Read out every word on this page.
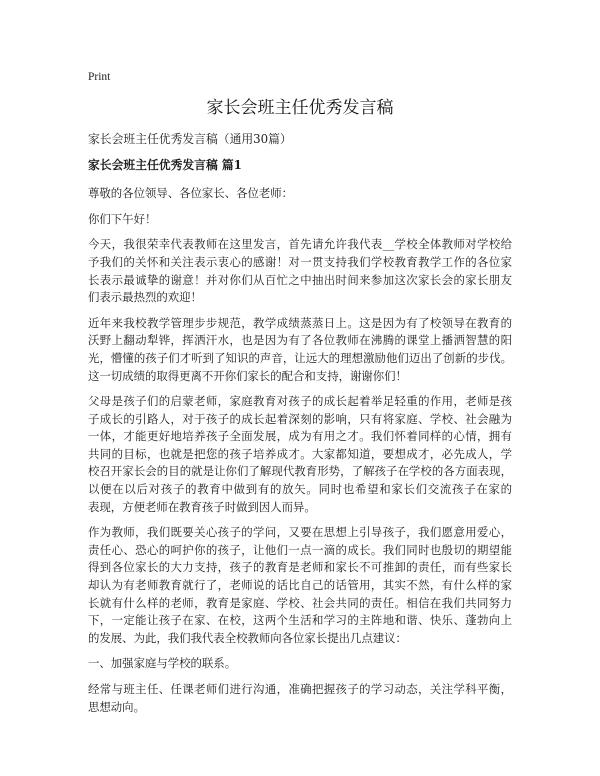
Print
家长会班主任优秀发言稿
家长会班主任优秀发言稿（通用30篇）
家长会班主任优秀发言稿 篇1
尊敬的各位领导、各位家长、各位老师：
你们下午好！
今天，我很荣幸代表教师在这里发言，首先请允许我代表__学校全体教师对学校给
予我们的关怀和关注表示衷心的感谢！对一贯支持我们学校教育教学工作的各位家
长表示最诚挚的谢意！并对你们从百忙之中抽出时间来参加这次家长会的家长朋友
们表示最热烈的欢迎！
近年来我校教学管理步步规范，教学成绩蒸蒸日上。这是因为有了校领导在教育的
沃野上翻动犁铧，挥洒汗水，也是因为有了各位教师在沸腾的课堂上播洒智慧的阳
光，懵懂的孩子们才听到了知识的声音，让远大的理想激励他们迈出了创新的步伐。
这一切成绩的取得更离不开你们家长的配合和支持，谢谢你们！
父母是孩子们的启蒙老师，家庭教育对孩子的成长起着举足轻重的作用，老师是孩
子成长的引路人，对于孩子的成长起着深刻的影响，只有将家庭、学校、社会融为
一体，才能更好地培养孩子全面发展，成为有用之才。我们怀着同样的心情，拥有
共同的目标，也就是把您的孩子培养成才。大家都知道，要想成才，必先成人，学
校召开家长会的目的就是让你们了解现代教育形势，了解孩子在学校的各方面表现，
以便在以后对孩子的教育中做到有的放矢。同时也希望和家长们交流孩子在家的
表现，方便老师在教育孩子时做到因人而异。
作为教师，我们既要关心孩子的学问，又要在思想上引导孩子，我们愿意用爱心，
责任心、恐心的呵护你的孩子，让他们一点一滴的成长。我们同时也殷切的期望能
得到各位家长的大力支持，孩子的教育是老师和家长不可推卸的责任，而有些家长
却认为有老师教育就行了，老师说的话比自己的话管用，其实不然，有什么样的家
长就有什么样的老师，教育是家庭、学校、社会共同的责任。相信在我们共同努力
下，一定能让孩子在家、在校，这两个生活和学习的主阵地和谐、快乐、蓬勃向上
的发展、为此，我们我代表全校教师向各位家长提出几点建议：
一、加强家庭与学校的联系。
经常与班主任、任课老师们进行沟通，准确把握孩子的学习动态，关注学科平衡，
思想动向。
